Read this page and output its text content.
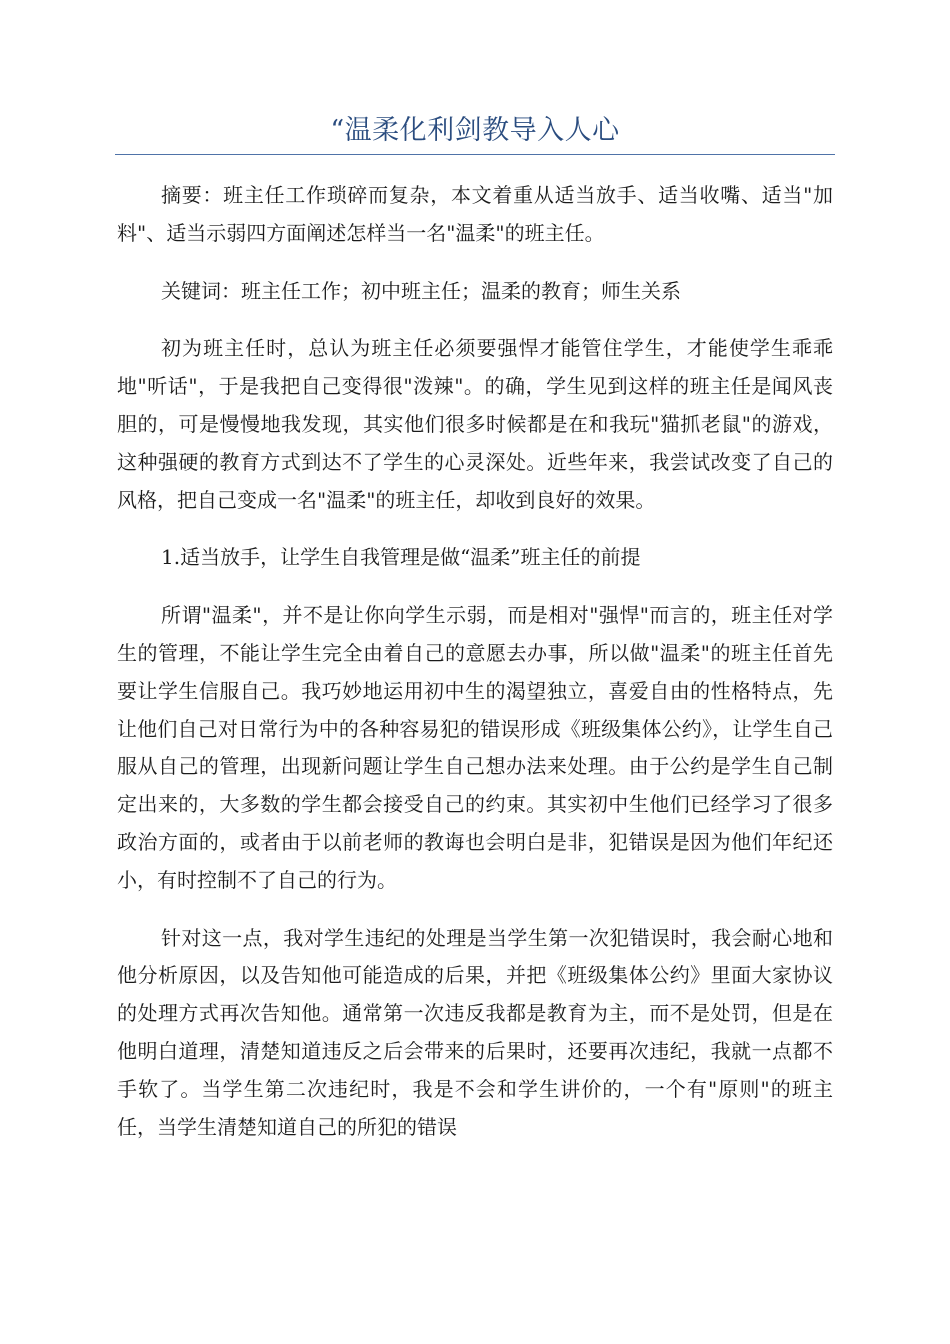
“温柔化利剑教导入人心

摘要：班主任工作琐碎而复杂，本文着重从适当放手、适当收嘴、适当"加料"、适当示弱四方面阐述怎样当一名"温柔"的班主任。

关键词：班主任工作；初中班主任；温柔的教育；师生关系

初为班主任时，总认为班主任必须要强悍才能管住学生，才能使学生乖乖地"听话"，于是我把自己变得很"泼辣"。的确，学生见到这样的班主任是闻风丧胆的，可是慢慢地我发现，其实他们很多时候都是在和我玩"猫抓老鼠"的游戏，这种强硬的教育方式到达不了学生的心灵深处。近些年来，我尝试改变了自己的风格，把自己变成一名"温柔"的班主任，却收到良好的效果。

1.适当放手，让学生自我管理是做“温柔”班主任的前提

所谓"温柔"，并不是让你向学生示弱，而是相对"强悍"而言的，班主任对学生的管理，不能让学生完全由着自己的意愿去办事，所以做"温柔"的班主任首先要让学生信服自己。我巧妙地运用初中生的渴望独立，喜爱自由的性格特点，先让他们自己对日常行为中的各种容易犯的错误形成《班级集体公约》，让学生自己服从自己的管理，出现新问题让学生自己想办法来处理。由于公约是学生自己制定出来的，大多数的学生都会接受自己的约束。其实初中生他们已经学习了很多政治方面的，或者由于以前老师的教诲也会明白是非，犯错误是因为他们年纪还小，有时控制不了自己的行为。

针对这一点，我对学生违纪的处理是当学生第一次犯错误时，我会耐心地和他分析原因，以及告知他可能造成的后果，并把《班级集体公约》里面大家协议的处理方式再次告知他。通常第一次违反我都是教育为主，而不是处罚，但是在他明白道理，清楚知道违反之后会带来的后果时，还要再次违纪，我就一点都不手软了。当学生第二次违纪时，我是不会和学生讲价的，一个有"原则"的班主任，当学生清楚知道自己的所犯的错误
